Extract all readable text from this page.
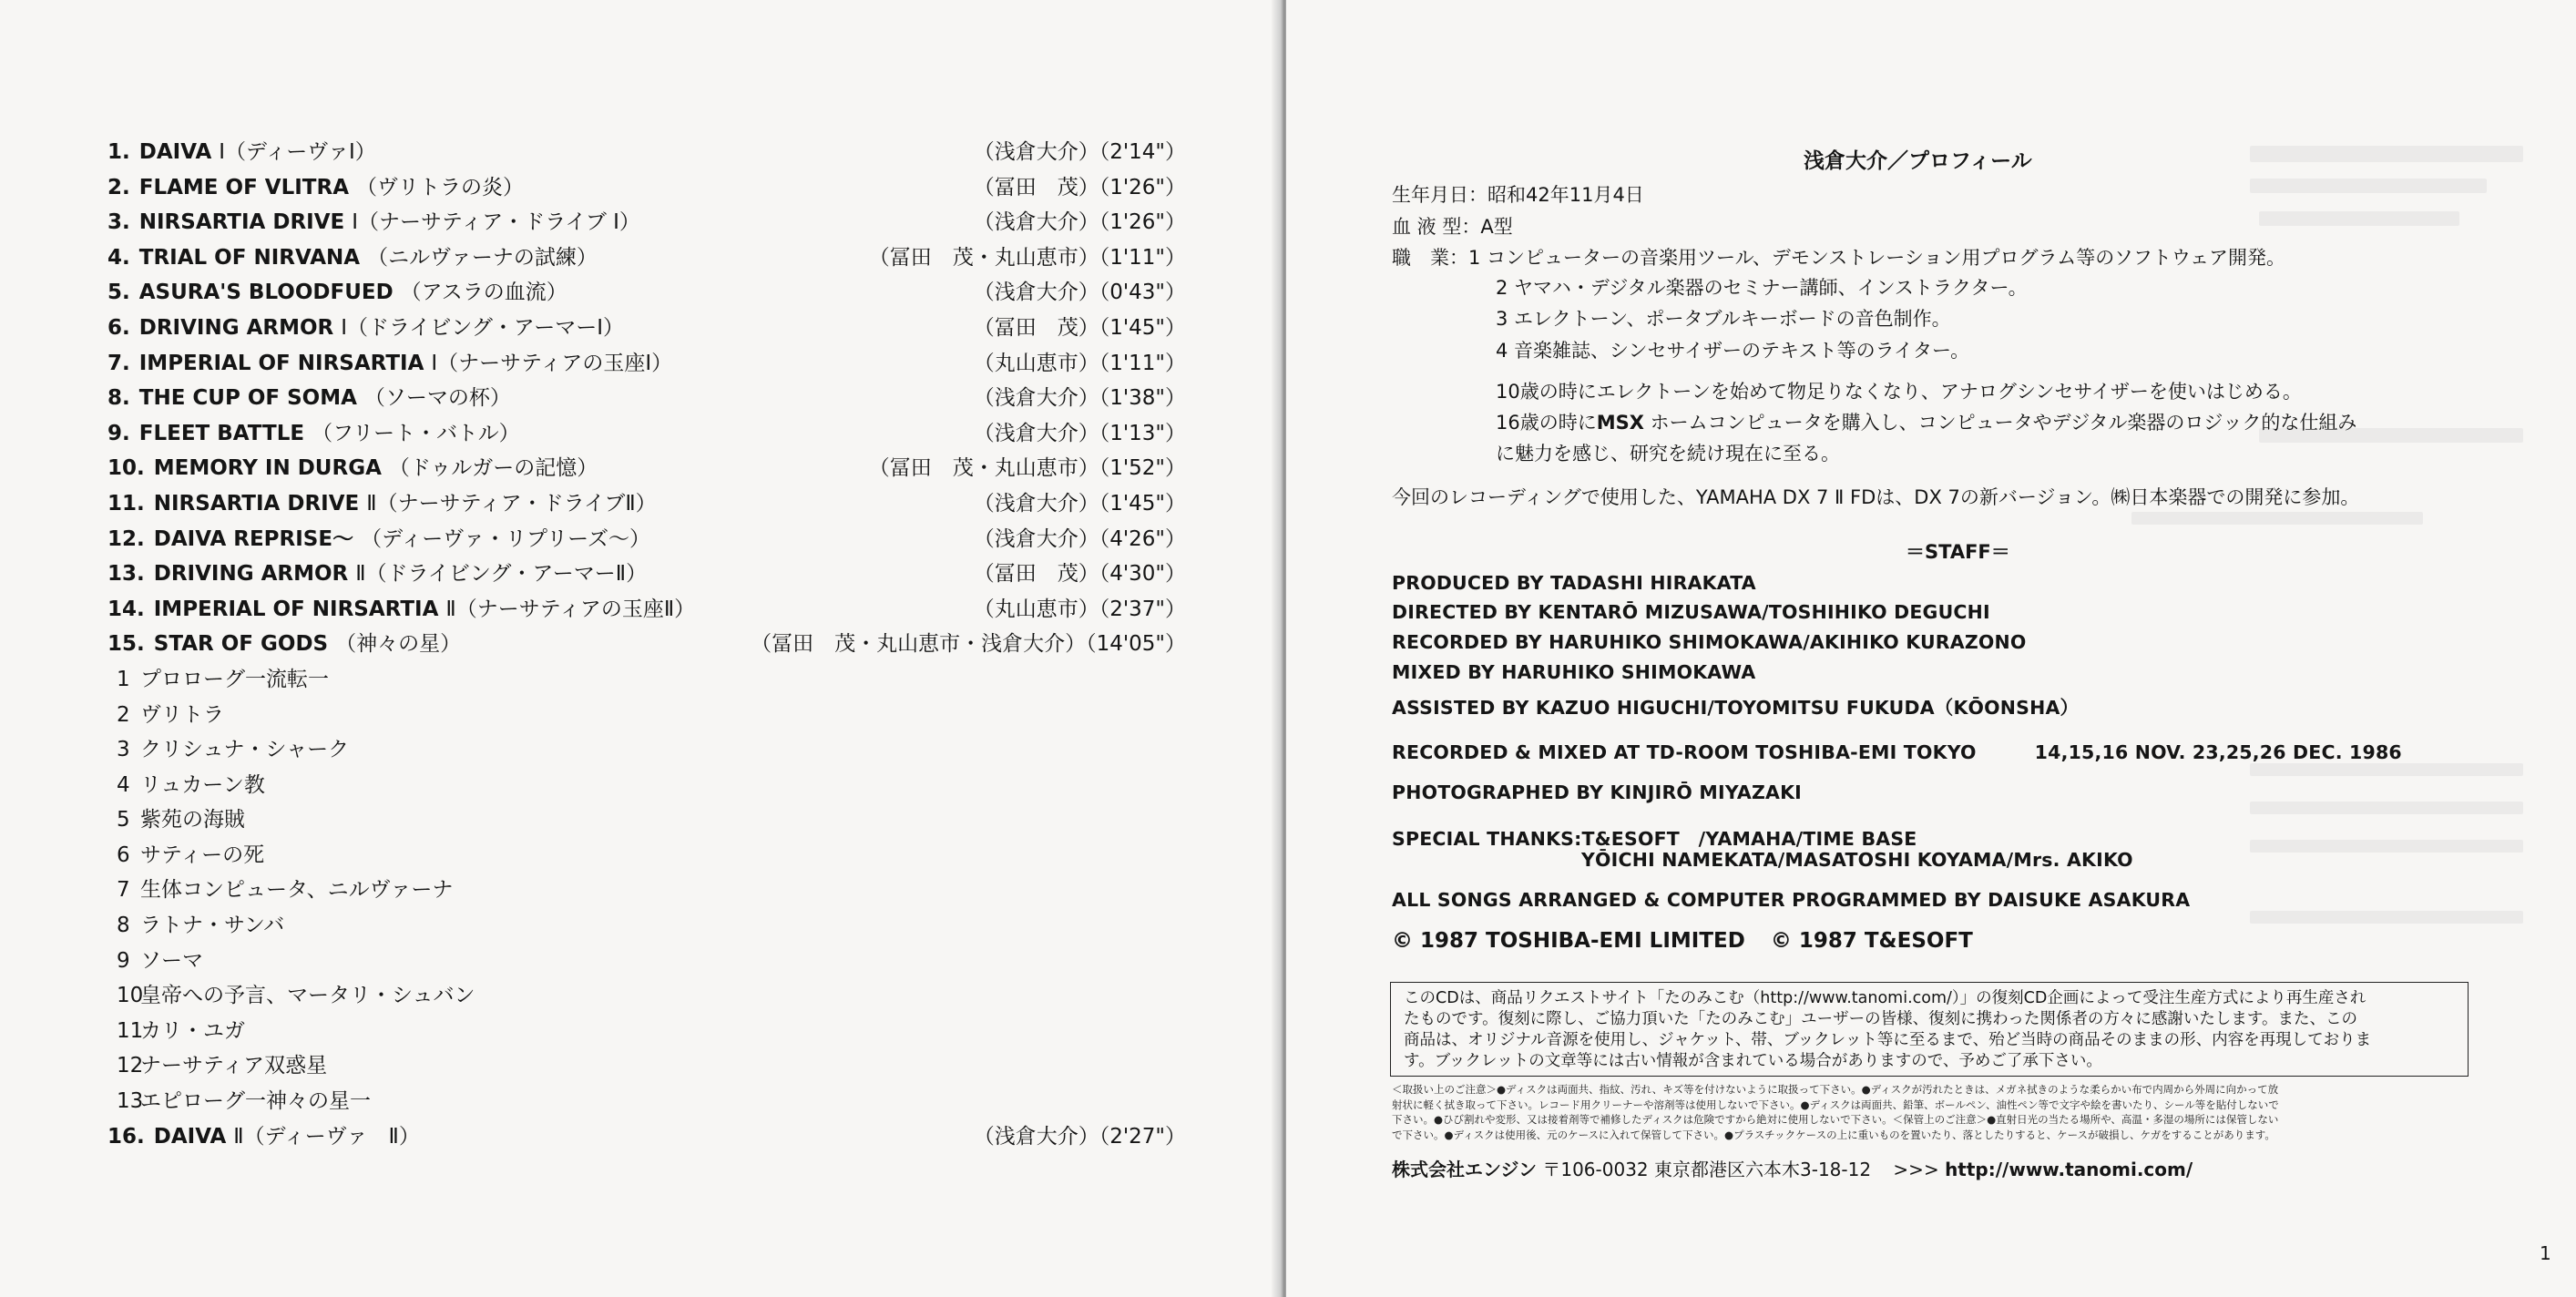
1. DAIVA Ⅰ（ディーヴァⅠ）	（浅倉大介）（2'14"）
2. FLAME OF VLITRA （ヴリトラの炎）	（冨田　茂）（1'26"）
3. NIRSARTIA DRIVE Ⅰ（ナーサティア・ドライブ Ⅰ）	（浅倉大介）（1'26"）
4. TRIAL OF NIRVANA （ニルヴァーナの試練）	（冨田　茂・丸山恵市）（1'11"）
5. ASURA'S BLOODFUED （アスラの血流）	（浅倉大介）（0'43"）
6. DRIVING ARMOR Ⅰ（ドライビング・アーマーⅠ）	（冨田　茂）（1'45"）
7. IMPERIAL OF NIRSARTIA Ⅰ（ナーサティアの玉座Ⅰ）	（丸山恵市）（1'11"）
8. THE CUP OF SOMA （ソーマの杯）	（浅倉大介）（1'38"）
9. FLEET BATTLE （フリート・バトル）	（浅倉大介）（1'13"）
10. MEMORY IN DURGA （ドゥルガーの記憶）	（冨田　茂・丸山恵市）（1'52"）
11. NIRSARTIA DRIVE Ⅱ（ナーサティア・ドライブⅡ）	（浅倉大介）（1'45"）
12. DAIVA REPRISE～ （ディーヴァ・リプリーズ～）	（浅倉大介）（4'26"）
13. DRIVING ARMOR Ⅱ（ドライビング・アーマーⅡ）	（冨田　茂）（4'30"）
14. IMPERIAL OF NIRSARTIA Ⅱ（ナーサティアの玉座Ⅱ）	（丸山恵市）（2'37"）
15. STAR OF GODS （神々の星）	（冨田　茂・丸山恵市・浅倉大介）（14'05"）
1 プロローグ一流転一
2 ヴリトラ
3 クリシュナ・シャーク
4 リュカーン教
5 紫苑の海賊
6 サティーの死
7 生体コンピュータ、ニルヴァーナ
8 ラトナ・サンバ
9 ソーマ
10皇帝への予言、マータリ・シュバン
11カリ・ユガ
12ナーサティア双惑星
13エピローグ一神々の星一
16. DAIVA Ⅱ（ディーヴァ　Ⅱ）	（浅倉大介）（2'27"）
浅倉大介／プロフィール
生年月日：昭和42年11月4日
血 液 型：A型
職　業：1 コンピューターの音楽用ツール、デモンストレーション用プログラム等のソフトウェア開発。
2 ヤマハ・デジタル楽器のセミナー講師、インストラクター。
3 エレクトーン、ポータブルキーボードの音色制作。
4 音楽雑誌、シンセサイザーのテキスト等のライター。
10歳の時にエレクトーンを始めて物足りなくなり、アナログシンセサイザーを使いはじめる。
16歳の時にMSX ホームコンピュータを購入し、コンピュータやデジタル楽器のロジック的な仕組み
に魅力を感じ、研究を続け現在に至る。
今回のレコーディングで使用した、YAMAHA DX 7 Ⅱ FDは、DX 7の新バージョン。㈱日本楽器での開発に参加。
＝STAFF＝
PRODUCED BY TADASHI HIRAKATA
DIRECTED BY KENTARŌ MIZUSAWA/TOSHIHIKO DEGUCHI
RECORDED BY HARUHIKO SHIMOKAWA/AKIHIKO KURAZONO
MIXED BY HARUHIKO SHIMOKAWA
ASSISTED BY KAZUO HIGUCHI/TOYOMITSU FUKUDA（KŌONSHA）
RECORDED & MIXED AT TD-ROOM TOSHIBA-EMI TOKYO	14,15,16 NOV. 23,25,26 DEC. 1986
PHOTOGRAPHED BY KINJIRŌ MIYAZAKI
SPECIAL THANKS:T&ESOFT　/YAMAHA/TIME BASE
YŌICHI NAMEKATA/MASATOSHI KOYAMA/Mrs. AKIKO
ALL SONGS ARRANGED & COMPUTER PROGRAMMED BY DAISUKE ASAKURA
© 1987 TOSHIBA-EMI LIMITED © 1987 T&ESOFT
このCDは、商品リクエストサイト「たのみこむ（http://www.tanomi.com/）」の復刻CD企画によって受注生産方式により再生産され
たものです。復刻に際し、ご協力頂いた「たのみこむ」ユーザーの皆様、復刻に携わった関係者の方々に感謝いたします。また、この
商品は、オリジナル音源を使用し、ジャケット、帯、ブックレット等に至るまで、殆ど当時の商品そのままの形、内容を再現しておりま
す。ブックレットの文章等には古い情報が含まれている場合がありますので、予めご了承下さい。
＜取扱い上のご注意＞●ディスクは両面共、指紋、汚れ、キズ等を付けないように取扱って下さい。●ディスクが汚れたときは、メガネ拭きのような柔らかい布で内周から外周に向かって放
射状に軽く拭き取って下さい。レコード用クリーナーや溶剤等は使用しないで下さい。●ディスクは両面共、鉛筆、ボールペン、油性ペン等で文字や絵を書いたり、シール等を貼付しないで
下さい。●ひび割れや変形、又は接着剤等で補修したディスクは危険ですから絶対に使用しないで下さい。＜保管上のご注意＞●直射日光の当たる場所や、高温・多湿の場所には保管しない
で下さい。●ディスクは使用後、元のケースに入れて保管して下さい。●プラスチックケースの上に重いものを置いたり、落としたりすると、ケースが破損し、ケガをすることがあります。
株式会社エンジン 〒106-0032 東京都港区六本木3-18-12 >>> http://www.tanomi.com/
1
